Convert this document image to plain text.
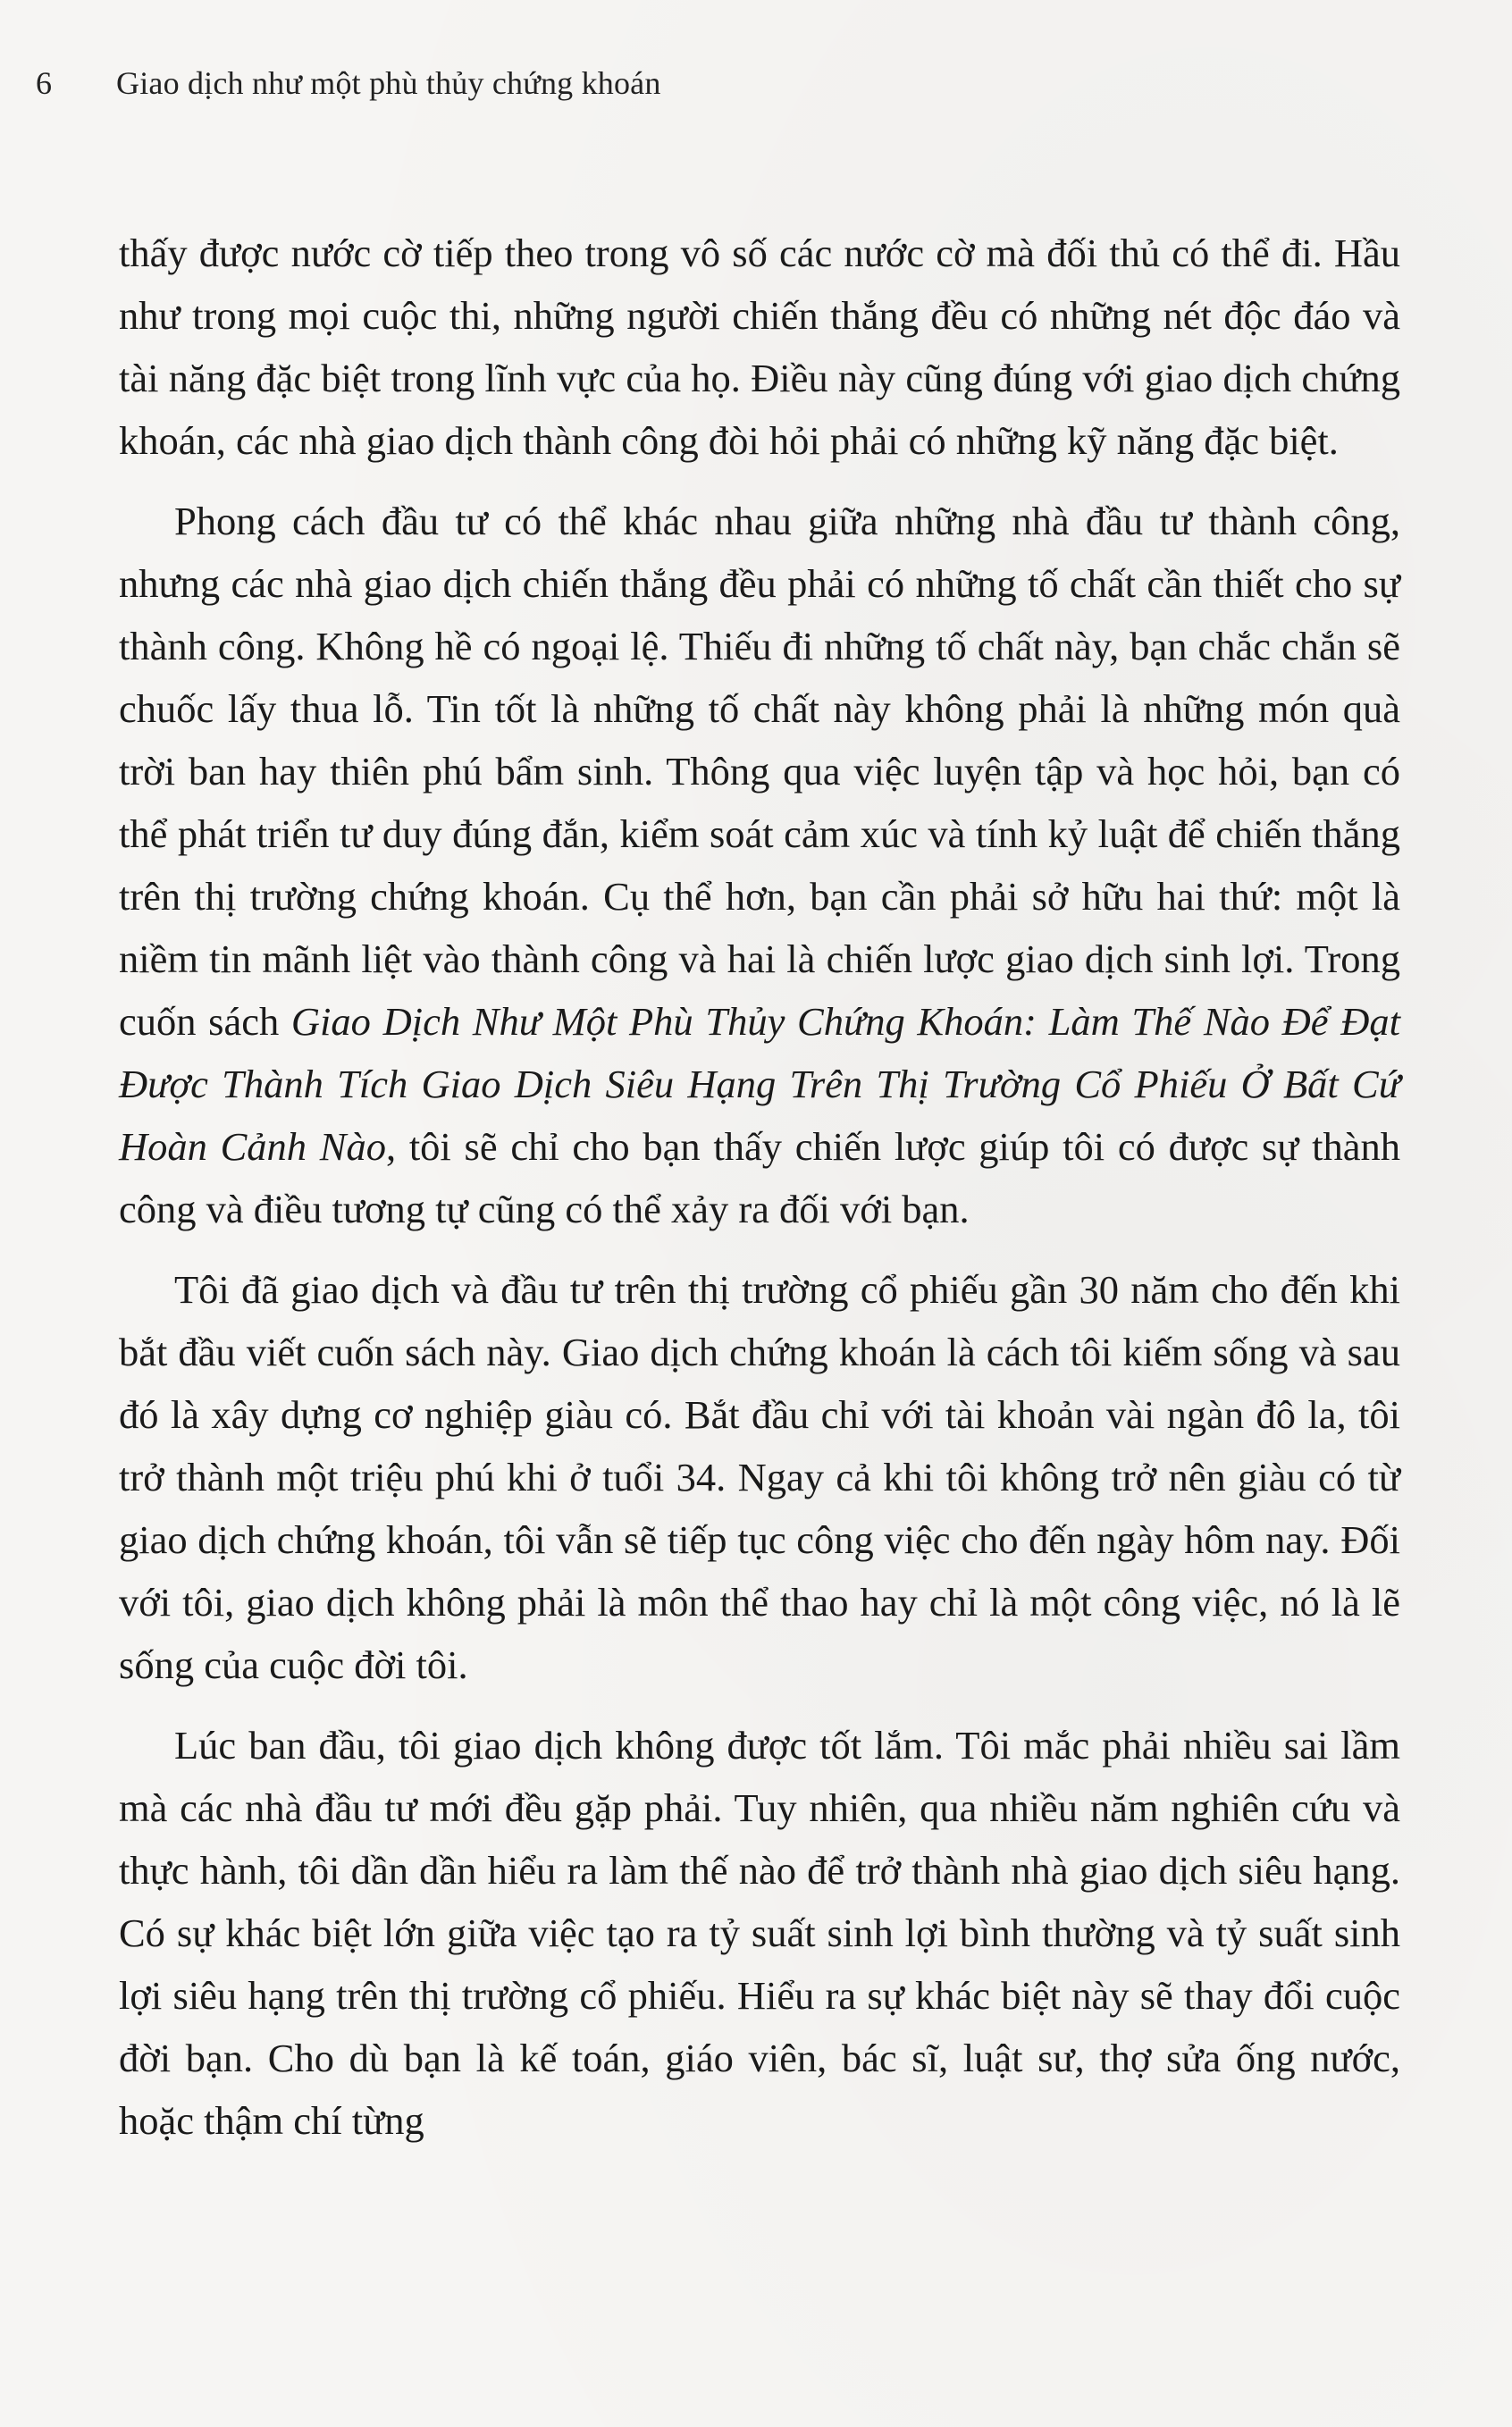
6 Giao dịch như một phù thủy chứng khoán

thấy được nước cờ tiếp theo trong vô số các nước cờ mà đối thủ có thể đi. Hầu như trong mọi cuộc thi, những người chiến thắng đều có những nét độc đáo và tài năng đặc biệt trong lĩnh vực của họ. Điều này cũng đúng với giao dịch chứng khoán, các nhà giao dịch thành công đòi hỏi phải có những kỹ năng đặc biệt.

Phong cách đầu tư có thể khác nhau giữa những nhà đầu tư thành công, nhưng các nhà giao dịch chiến thắng đều phải có những tố chất cần thiết cho sự thành công. Không hề có ngoại lệ. Thiếu đi những tố chất này, bạn chắc chắn sẽ chuốc lấy thua lỗ. Tin tốt là những tố chất này không phải là những món quà trời ban hay thiên phú bẩm sinh. Thông qua việc luyện tập và học hỏi, bạn có thể phát triển tư duy đúng đắn, kiểm soát cảm xúc và tính kỷ luật để chiến thắng trên thị trường chứng khoán. Cụ thể hơn, bạn cần phải sở hữu hai thứ: một là niềm tin mãnh liệt vào thành công và hai là chiến lược giao dịch sinh lợi. Trong cuốn sách Giao Dịch Như Một Phù Thủy Chứng Khoán: Làm Thế Nào Để Đạt Được Thành Tích Giao Dịch Siêu Hạng Trên Thị Trường Cổ Phiếu Ở Bất Cứ Hoàn Cảnh Nào, tôi sẽ chỉ cho bạn thấy chiến lược giúp tôi có được sự thành công và điều tương tự cũng có thể xảy ra đối với bạn.

Tôi đã giao dịch và đầu tư trên thị trường cổ phiếu gần 30 năm cho đến khi bắt đầu viết cuốn sách này. Giao dịch chứng khoán là cách tôi kiếm sống và sau đó là xây dựng cơ nghiệp giàu có. Bắt đầu chỉ với tài khoản vài ngàn đô la, tôi trở thành một triệu phú khi ở tuổi 34. Ngay cả khi tôi không trở nên giàu có từ giao dịch chứng khoán, tôi vẫn sẽ tiếp tục công việc cho đến ngày hôm nay. Đối với tôi, giao dịch không phải là môn thể thao hay chỉ là một công việc, nó là lẽ sống của cuộc đời tôi.

Lúc ban đầu, tôi giao dịch không được tốt lắm. Tôi mắc phải nhiều sai lầm mà các nhà đầu tư mới đều gặp phải. Tuy nhiên, qua nhiều năm nghiên cứu và thực hành, tôi dần dần hiểu ra làm thế nào để trở thành nhà giao dịch siêu hạng. Có sự khác biệt lớn giữa việc tạo ra tỷ suất sinh lợi bình thường và tỷ suất sinh lợi siêu hạng trên thị trường cổ phiếu. Hiểu ra sự khác biệt này sẽ thay đổi cuộc đời bạn. Cho dù bạn là kế toán, giáo viên, bác sĩ, luật sư, thợ sửa ống nước, hoặc thậm chí từng
